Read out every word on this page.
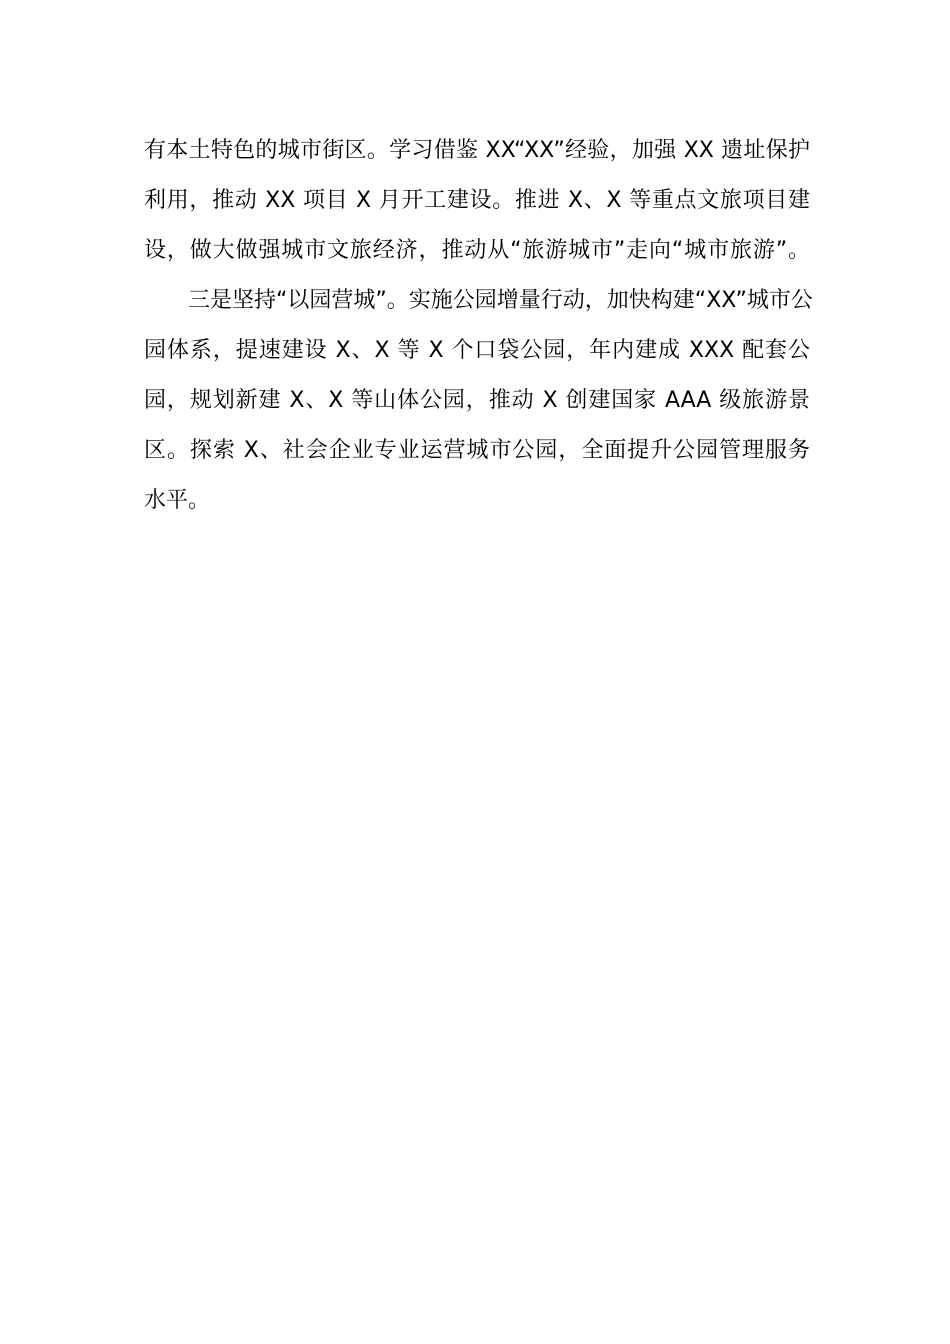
有本土特色的城市街区。学习借鉴 XX“XX”经验，加强 XX 遗址保护
利用，推动 XX 项目 X 月开工建设。推进 X、X 等重点文旅项目建
设，做大做强城市文旅经济，推动从“旅游城市”走向“城市旅游”。
三是坚持“以园营城”。实施公园增量行动，加快构建“XX”城市公
园体系，提速建设 X、X 等 X 个口袋公园，年内建成 XXX 配套公
园，规划新建 X、X 等山体公园，推动 X 创建国家 AAA 级旅游景
区。探索 X、社会企业专业运营城市公园，全面提升公园管理服务
水平。
